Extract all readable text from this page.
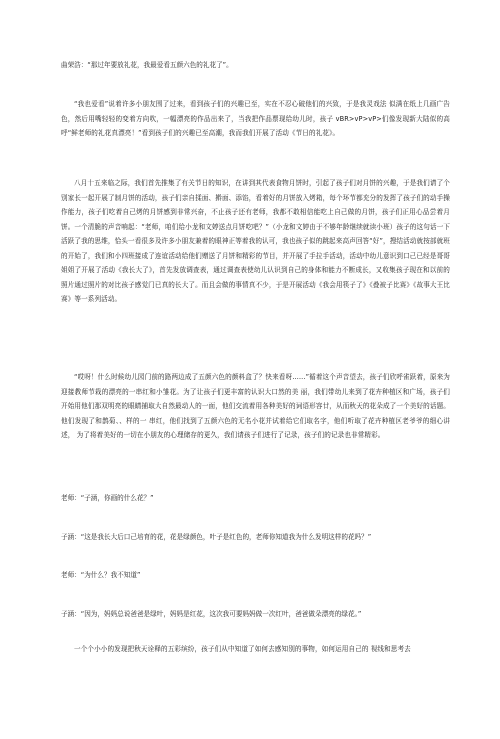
曲荣浩：“那过年要放礼花，我最爱看五颜六色的礼花了”。
“我也爱看”说着许多小朋友围了过来，看到孩子们的兴趣已至，实在不忍心破他们的兴致，于是我灵戏法 似满在纸上几画广告色，然后用嘴轻轻的变着方向吹，一幅漂亮的作品出来了，当我把作品票现给幼儿时，孩子 vBR>vP>vP>们像发现新大陆似的高呼“鲜老师的礼花真漂亮！”看到孩子们的兴趣已至高潮，我而我们开展了活动《节日的礼花》。
八月十五来临之际，我们首先推集了有关节日的知识，在讲到其代表食物月饼时，引起了孩子们对月饼的兴趣，于是我们请了个别家长一起开展了制月饼的活动，孩子们亲自揉面、擀面、添馅，看着好的月饼放入烤箱，每个环节都充分的发挥了孩子们的动手操作能力，孩子们吃着自己烤的月饼感到非常兴奋，不止孩子还有老师，我都不敢相信能吃上自己做的月饼，孩子们正用心品尝着月饼。一个清脆的声音响起：“老师，咱们给小龙和文婷送点月饼吃吧？”（小龙和文婷由于不够年龄继续就读小班）孩子的这句话一下活跃了我的思维，恰头一看很多及许多小朋友兼着的眼神正等着我的认可，我也孩子似的跳起来高声回答“好”，搜结活动就按部就班的开始了，我们和小四班接成了连谊活动给他们赠送了月饼和精彩的节目，并开展了手拉手活动，活动中幼儿意识到口己已经是哥哥姐姐了开展了活动《我长大了》，首先发放调查表，通过调查表使幼儿认识到自己的身体和能力不断成长，又收集孩子现在和以前的照片通过照片的对比孩子感觉门已真的长大了。而且会做的事情真不少，于是开展活动《我会用筷子了》《叠被子比赛》《故事大王比赛》等一系列活动。
“哎呀！什么时候幼儿园门前的路两边成了五颜六色的颜料盒了？快来看呀……”循着这个声音望去，孩子们欣呼雀跃着，原来为迎接教师节栽的漂亮的一串红和小雏花。为了让孩子们更丰富的认识大口然的美 丽，我们带幼儿来到了花卉种植区和广场，孩子们开始用他们那双明亮的眼睛捕取大自然最动人的一面，他们交流着用各种美好的词语形容廿，从而秋天的花朵成了一个美好的话题。他们发现了和鹊菊、、样的一 串红，他们找到了五颜六色的无名小花并试着给它们取名字，他们听取了花卉种植区老爷爷的细心讲述， 为了将着美好的一切在小朋友的心理储存的更久，我们请孩子们进行了记录，孩子们的记录也非常精彩。
老师：“子涵，你画的什么花？”
子涵：“这是我长大后口己培育的花，花是绿颜色，叶子是红色的，老师你知道我为什么发明这样的花吗？”
老师：“为什么？我不知道”
子涵：“因为，妈妈总说爸爸是绿叶，妈妈是红花，这次我可要妈妈做一次红叶，爸爸做朵漂亮的绿花。”
一个个小小的发现把秋天诠释的五彩缤纷，孩子们从中知道了如何去感知别的事物，如何运用自己的 视线和思考去
